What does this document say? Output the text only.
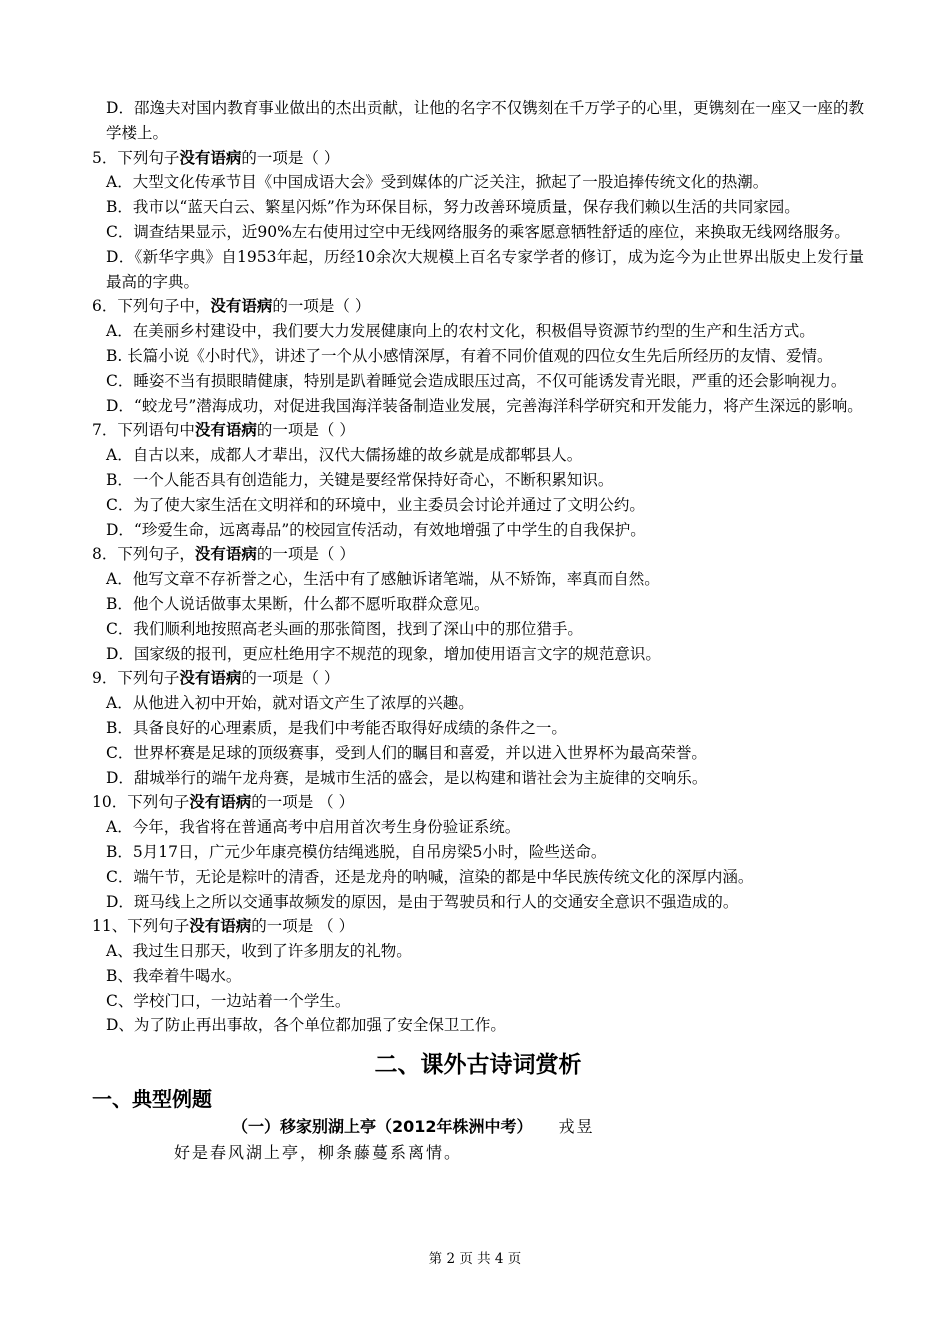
D．邵逸夫对国内教育事业做出的杰出贡献，让他的名字不仅镌刻在千万学子的心里，更镌刻在一座又一座的教学楼上。
5．下列句子没有语病的一项是（ ）
A．大型文化传承节目《中国成语大会》受到媒体的广泛关注，掀起了一股追捧传统文化的热潮。
B．我市以“蓝天白云、繁星闪烁”作为环保目标，努力改善环境质量，保存我们赖以生活的共同家园。
C．调查结果显示，近90%左右使用过空中无线网络服务的乘客愿意牺牲舒适的座位，来换取无线网络服务。
D．《新华字典》自1953年起，历经10余次大规模上百名专家学者的修订，成为迄今为止世界出版史上发行量最高的字典。
6．下列句子中，没有语病的一项是（ ）
A．在美丽乡村建设中，我们要大力发展健康向上的农村文化，积极倡导资源节约型的生产和生活方式。
B. 长篇小说《小时代》，讲述了一个从小感情深厚，有着不同价值观的四位女生先后所经历的友情、爱情。
C．睡姿不当有损眼睛健康，特别是趴着睡觉会造成眼压过高，不仅可能诱发青光眼，严重的还会影响视力。
D．“蛟龙号”潜海成功，对促进我国海洋装备制造业发展，完善海洋科学研究和开发能力，将产生深远的影响。
7．下列语句中没有语病的一项是（ ）
A．自古以来，成都人才辈出，汉代大儒扬雄的故乡就是成都郫县人。
B．一个人能否具有创造能力，关键是要经常保持好奇心，不断积累知识。
C．为了使大家生活在文明祥和的环境中，业主委员会讨论并通过了文明公约。
D．“珍爱生命，远离毒品”的校园宣传活动，有效地增强了中学生的自我保护。
8．下列句子，没有语病的一项是（ ）
A．他写文章不存祈誉之心，生活中有了感触诉诸笔端，从不矫饰，率真而自然。
B．他个人说话做事太果断，什么都不愿听取群众意见。
C．我们顺利地按照高老头画的那张简图，找到了深山中的那位猎手。
D．国家级的报刊，更应杜绝用字不规范的现象，增加使用语言文字的规范意识。
9．下列句子没有语病的一项是（ ）
A．从他进入初中开始，就对语文产生了浓厚的兴趣。
B．具备良好的心理素质，是我们中考能否取得好成绩的条件之一。
C．世界杯赛是足球的顶级赛事，受到人们的瞩目和喜爱，并以进入世界杯为最高荣誉。
D．甜城举行的端午龙舟赛，是城市生活的盛会，是以构建和谐社会为主旋律的交响乐。
10．下列句子没有语病的一项是 （ ）
A．今年，我省将在普通高考中启用首次考生身份验证系统。
B．5月17日，广元少年康亮模仿结绳逃脱，自吊房梁5小时，险些送命。
C．端午节，无论是粽叶的清香，还是龙舟的呐喊，渲染的都是中华民族传统文化的深厚内涵。
D．斑马线上之所以交通事故频发的原因，是由于驾驶员和行人的交通安全意识不强造成的。
11、下列句子没有语病的一项是 （ ）
A、我过生日那天，收到了许多朋友的礼物。
B、我牵着牛喝水。
C、学校门口，一边站着一个学生。
D、为了防止再出事故，各个单位都加强了安全保卫工作。
二、课外古诗词赏析
一、典型例题
（一）移家别湖上亭（2012年株洲中考） 戎昱
好是春风湖上亭，柳条藤蔓系离情。
第 2 页 共 4 页
